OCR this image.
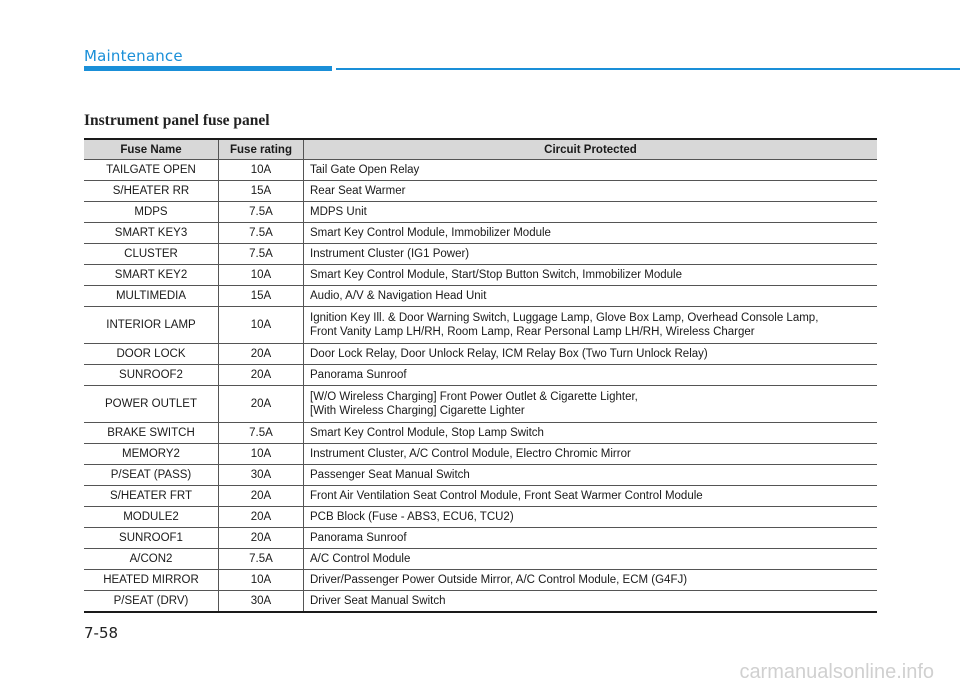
Maintenance
Instrument panel fuse panel
Fuse Name	Fuse rating	Circuit Protected
TAILGATE OPEN	10A	Tail Gate Open Relay

S/HEATER RR	15A	Rear Seat Warmer

MDPS	7.5A	MDPS Unit

SMART KEY3	7.5A	Smart Key Control Module, Immobilizer Module

CLUSTER	7.5A	Instrument Cluster (IG1 Power)

SMART KEY2	10A	Smart Key Control Module, Start/Stop Button Switch, Immobilizer Module

MULTIMEDIA	15A	Audio, A/V & Navigation Head Unit

INTERIOR LAMP	10A	Ignition Key Ill. & Door Warning Switch, Luggage Lamp, Glove Box Lamp, Overhead Console Lamp,
Front Vanity Lamp LH/RH, Room Lamp, Rear Personal Lamp LH/RH, Wireless Charger

DOOR LOCK	20A	Door Lock Relay, Door Unlock Relay, ICM Relay Box (Two Turn Unlock Relay)

SUNROOF2	20A	Panorama Sunroof

POWER OUTLET	20A	[W/O Wireless Charging] Front Power Outlet & Cigarette Lighter,
[With Wireless Charging] Cigarette Lighter

BRAKE SWITCH	7.5A	Smart Key Control Module, Stop Lamp Switch

MEMORY2	10A	Instrument Cluster, A/C Control Module, Electro Chromic Mirror

P/SEAT (PASS)	30A	Passenger Seat Manual Switch

S/HEATER FRT	20A	Front Air Ventilation Seat Control Module, Front Seat Warmer Control Module

MODULE2	20A	PCB Block (Fuse - ABS3, ECU6, TCU2)

SUNROOF1	20A	Panorama Sunroof

A/CON2	7.5A	A/C Control Module

HEATED MIRROR	10A	Driver/Passenger Power Outside Mirror, A/C Control Module, ECM (G4FJ)

P/SEAT (DRV)	30A	Driver Seat Manual Switch
7-58
carmanualsonline.info
